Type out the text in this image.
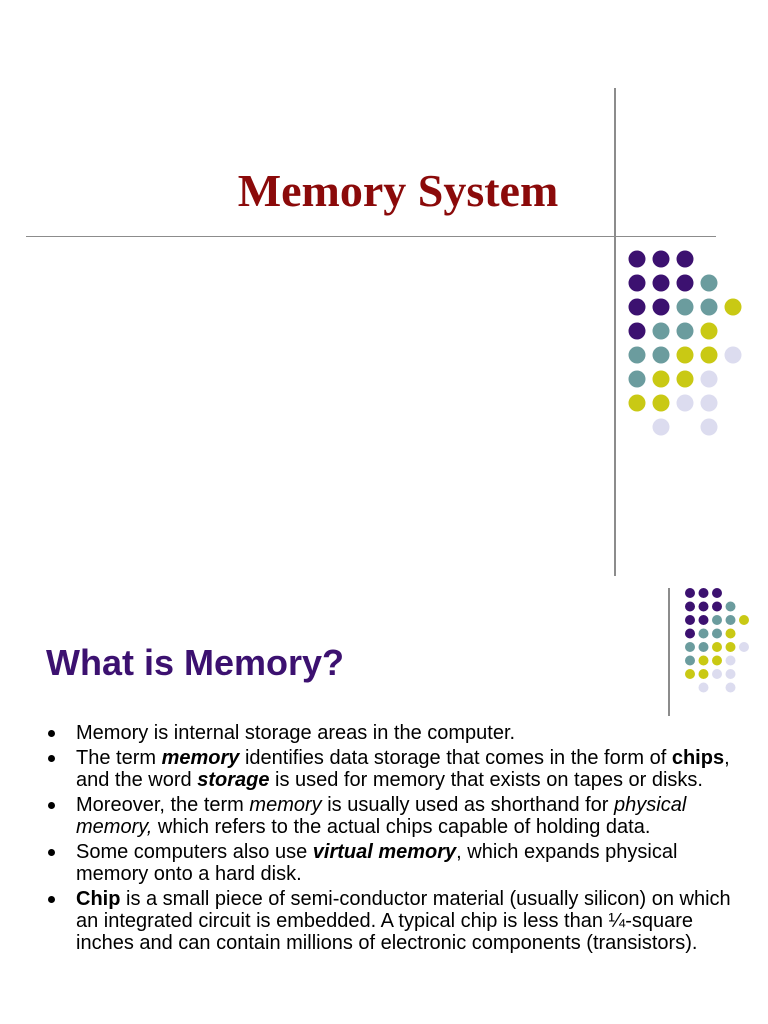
Memory System
What is Memory?
Memory is internal storage areas in the computer.
The term memory identifies data storage that comes in the form of chips, and the word storage is used for memory that exists on tapes or disks.
Moreover, the term memory is usually used as shorthand for physical memory, which refers to the actual chips capable of holding data.
Some computers also use virtual memory, which expands physical memory onto a hard disk.
Chip is a small piece of semi-conductor material (usually silicon) on which an integrated circuit is embedded. A typical chip is less than ¼-square inches and can contain millions of electronic components (transistors).
